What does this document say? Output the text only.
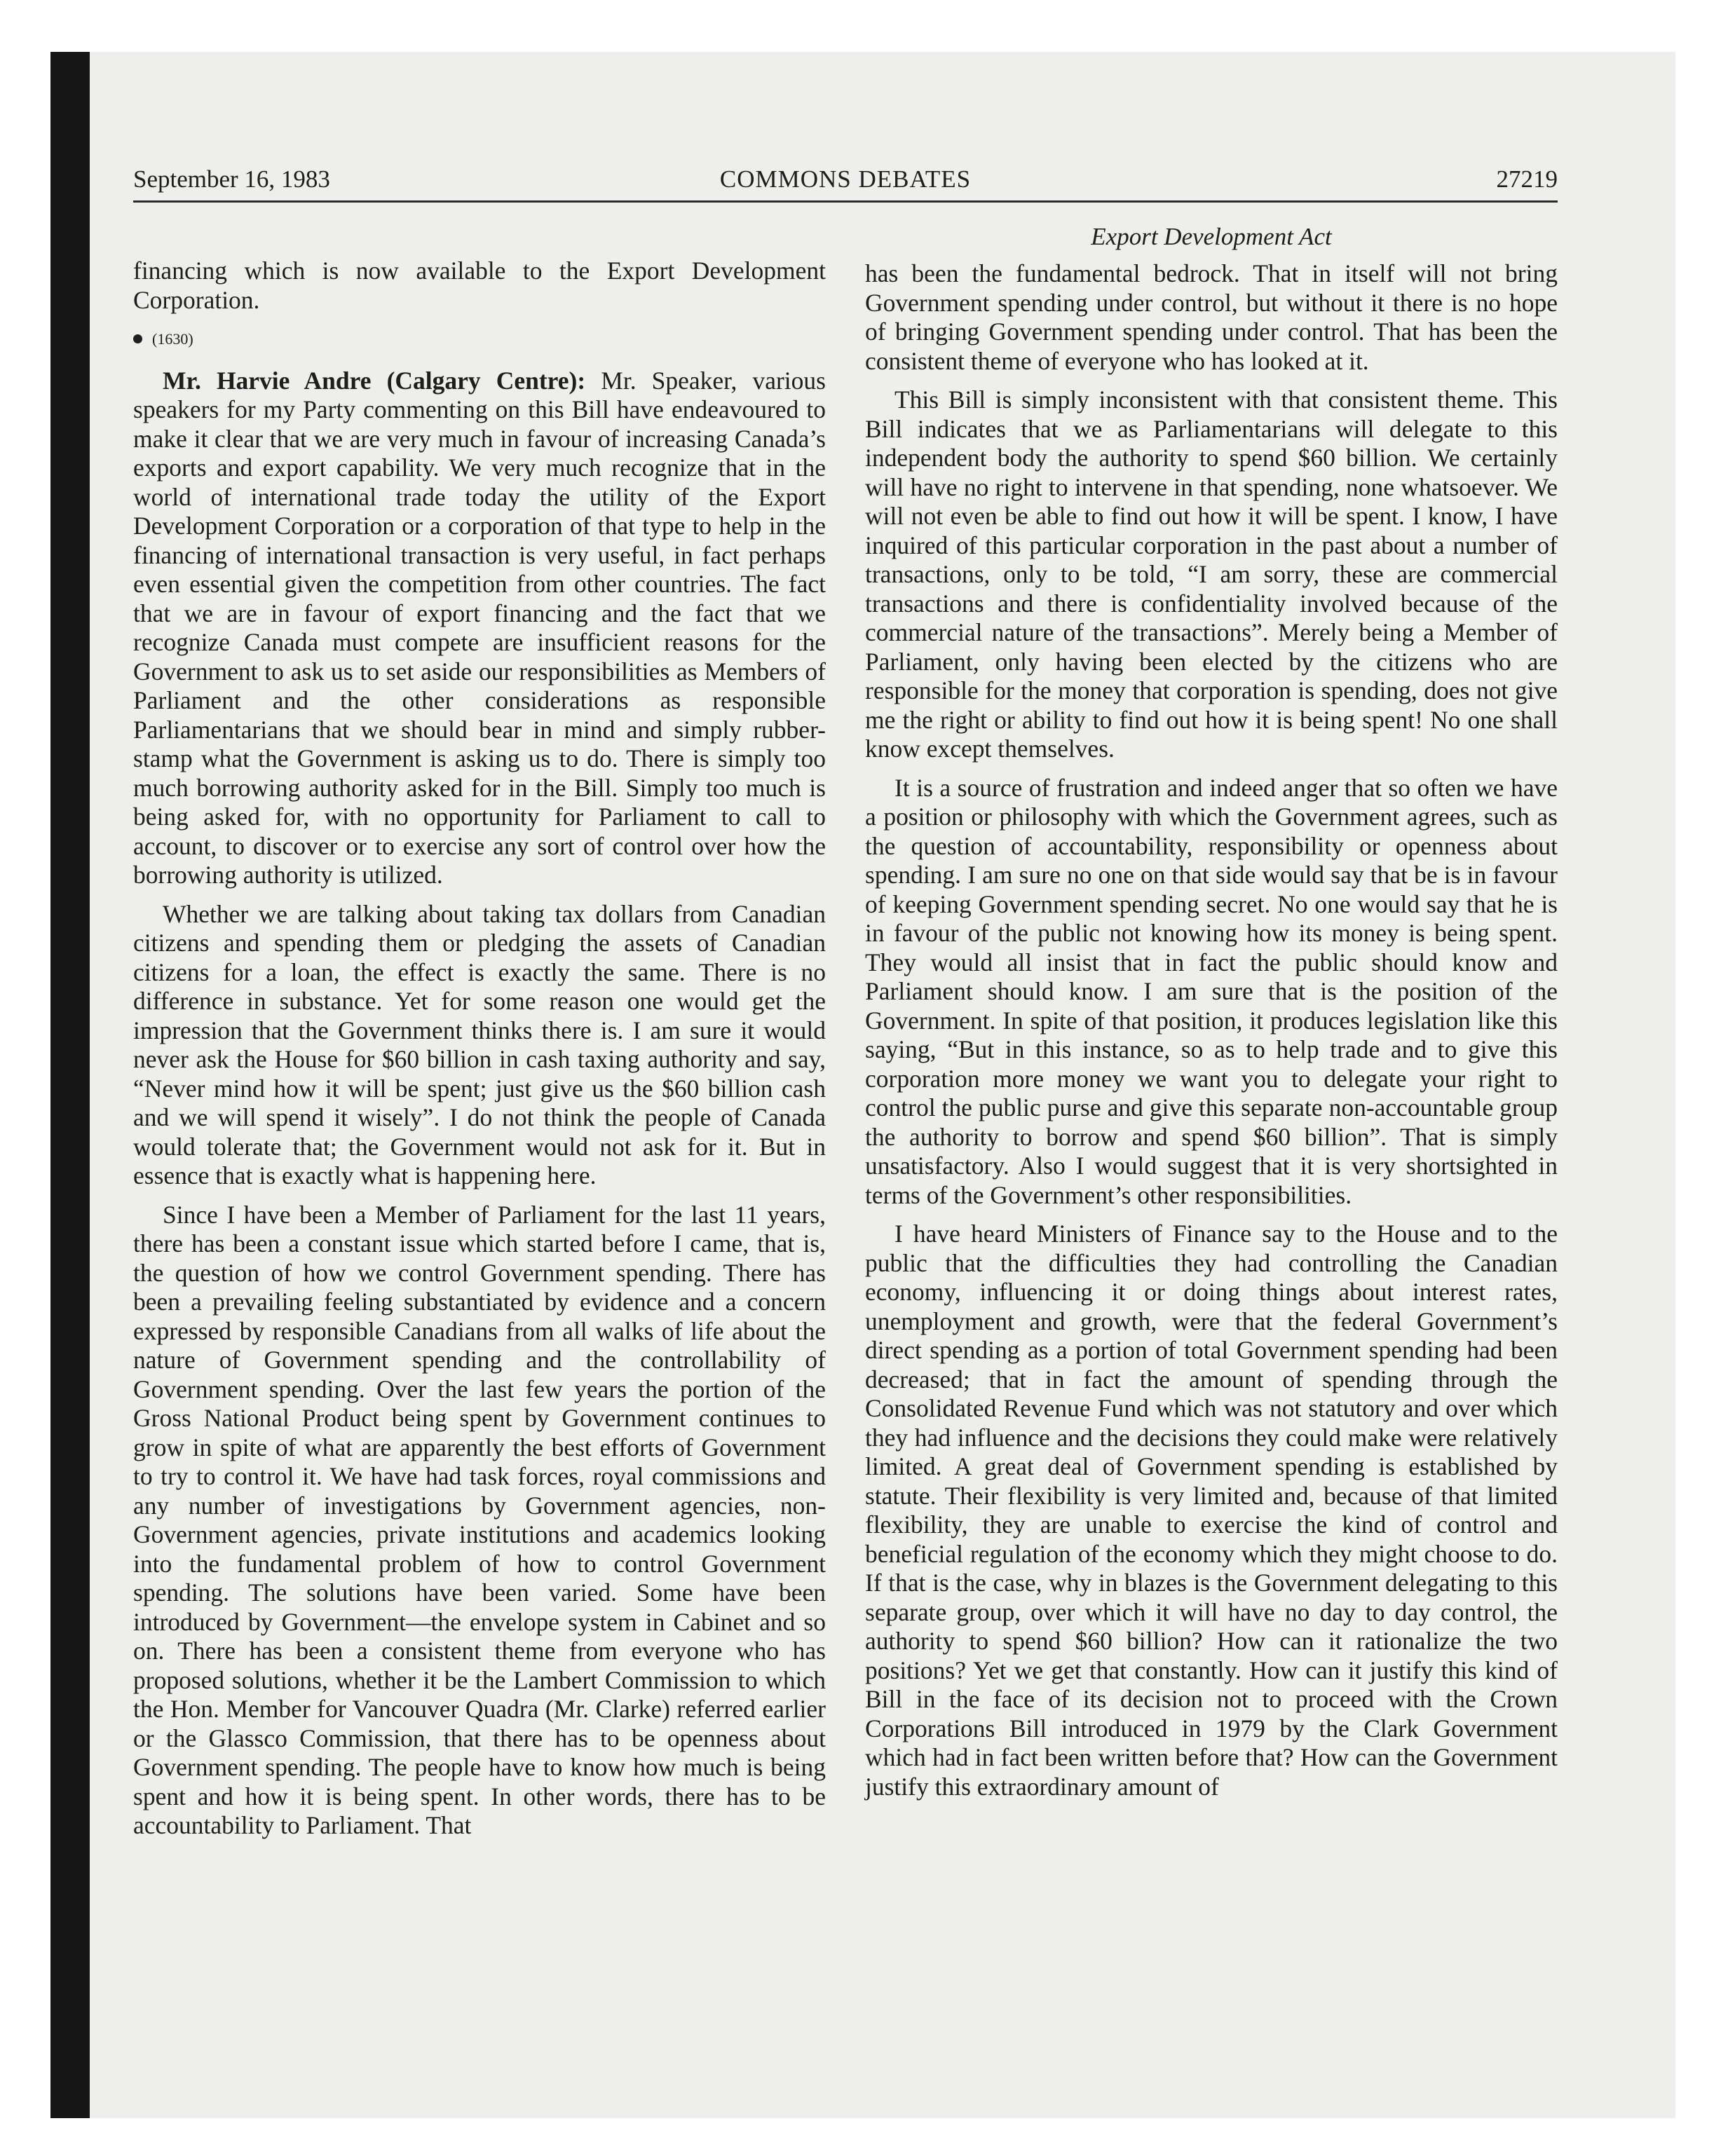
September 16, 1983	COMMONS DEBATES	27219
Export Development Act

financing which is now available to the Export Development Corporation.

(1630)

Mr. Harvie Andre (Calgary Centre): Mr. Speaker, various speakers for my Party commenting on this Bill have endeavoured to make it clear that we are very much in favour of increasing Canada’s exports and export capability. We very much recognize that in the world of international trade today the utility of the Export Development Corporation or a corporation of that type to help in the financing of international transaction is very useful, in fact perhaps even essential given the competition from other countries. The fact that we are in favour of export financing and the fact that we recognize Canada must compete are insufficient reasons for the Government to ask us to set aside our responsibilities as Members of Parliament and the other considerations as responsible Parliamentarians that we should bear in mind and simply rubber-stamp what the Government is asking us to do. There is simply too much borrowing authority asked for in the Bill. Simply too much is being asked for, with no opportunity for Parliament to call to account, to discover or to exercise any sort of control over how the borrowing authority is utilized.

Whether we are talking about taking tax dollars from Canadian citizens and spending them or pledging the assets of Canadian citizens for a loan, the effect is exactly the same. There is no difference in substance. Yet for some reason one would get the impression that the Government thinks there is. I am sure it would never ask the House for $60 billion in cash taxing authority and say, “Never mind how it will be spent; just give us the $60 billion cash and we will spend it wisely”. I do not think the people of Canada would tolerate that; the Government would not ask for it. But in essence that is exactly what is happening here.

Since I have been a Member of Parliament for the last 11 years, there has been a constant issue which started before I came, that is, the question of how we control Government spending. There has been a prevailing feeling substantiated by evidence and a concern expressed by responsible Canadians from all walks of life about the nature of Government spending and the controllability of Government spending. Over the last few years the portion of the Gross National Product being spent by Government continues to grow in spite of what are apparently the best efforts of Government to try to control it. We have had task forces, royal commissions and any number of investigations by Government agencies, non-Government agencies, private institutions and academics looking into the fundamental problem of how to control Government spending. The solutions have been varied. Some have been introduced by Government—the envelope system in Cabinet and so on. There has been a consistent theme from everyone who has proposed solutions, whether it be the Lambert Commission to which the Hon. Member for Vancouver Quadra (Mr. Clarke) referred earlier or the Glassco Commission, that there has to be openness about Government spending. The people have to know how much is being spent and how it is being spent. In other words, there has to be accountability to Parliament. That

has been the fundamental bedrock. That in itself will not bring Government spending under control, but without it there is no hope of bringing Government spending under control. That has been the consistent theme of everyone who has looked at it.

This Bill is simply inconsistent with that consistent theme. This Bill indicates that we as Parliamentarians will delegate to this independent body the authority to spend $60 billion. We certainly will have no right to intervene in that spending, none whatsoever. We will not even be able to find out how it will be spent. I know, I have inquired of this particular corporation in the past about a number of transactions, only to be told, “I am sorry, these are commercial transactions and there is confidentiality involved because of the commercial nature of the transactions”. Merely being a Member of Parliament, only having been elected by the citizens who are responsible for the money that corporation is spending, does not give me the right or ability to find out how it is being spent! No one shall know except themselves.

It is a source of frustration and indeed anger that so often we have a position or philosophy with which the Government agrees, such as the question of accountability, responsibility or openness about spending. I am sure no one on that side would say that be is in favour of keeping Government spending secret. No one would say that he is in favour of the public not knowing how its money is being spent. They would all insist that in fact the public should know and Parliament should know. I am sure that is the position of the Government. In spite of that position, it produces legislation like this saying, “But in this instance, so as to help trade and to give this corporation more money we want you to delegate your right to control the public purse and give this separate non-accountable group the authority to borrow and spend $60 billion”. That is simply unsatisfactory. Also I would suggest that it is very shortsighted in terms of the Government’s other responsibilities.

I have heard Ministers of Finance say to the House and to the public that the difficulties they had controlling the Canadian economy, influencing it or doing things about interest rates, unemployment and growth, were that the federal Government’s direct spending as a portion of total Government spending had been decreased; that in fact the amount of spending through the Consolidated Revenue Fund which was not statutory and over which they had influence and the decisions they could make were relatively limited. A great deal of Government spending is established by statute. Their flexibility is very limited and, because of that limited flexibility, they are unable to exercise the kind of control and beneficial regulation of the economy which they might choose to do. If that is the case, why in blazes is the Government delegating to this separate group, over which it will have no day to day control, the authority to spend $60 billion? How can it rationalize the two positions? Yet we get that constantly. How can it justify this kind of Bill in the face of its decision not to proceed with the Crown Corporations Bill introduced in 1979 by the Clark Government which had in fact been written before that? How can the Government justify this extraordinary amount of
